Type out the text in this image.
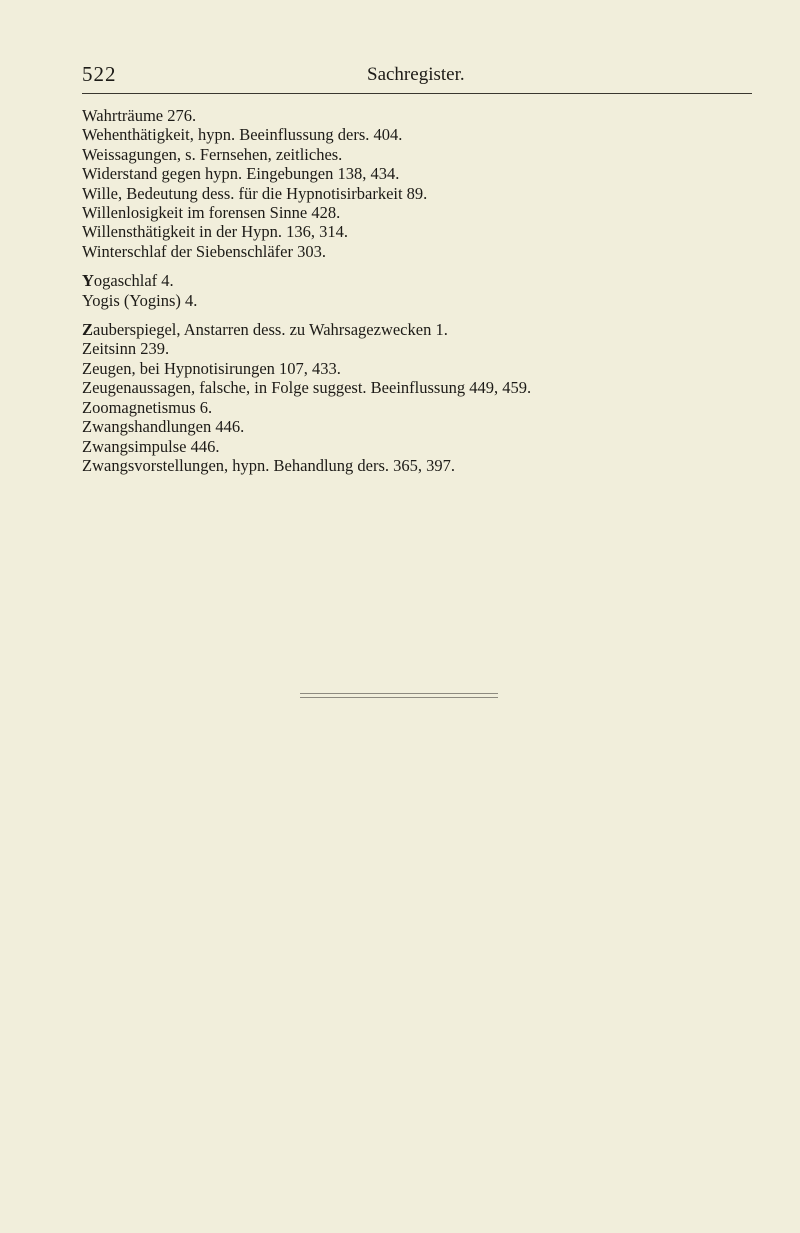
522	Sachregister.
Wahrträume 276.
Wehenthätigkeit, hypn. Beeinflussung ders. 404.
Weissagungen, s. Fernsehen, zeitliches.
Widerstand gegen hypn. Eingebungen 138, 434.
Wille, Bedeutung dess. für die Hypnotisirbarkeit 89.
Willenlosigkeit im forensen Sinne 428.
Willensthätigkeit in der Hypn. 136, 314.
Winterschlaf der Siebenschläfer 303.
Yogaschlaf 4.
Yogis (Yogins) 4.
Zauberspiegel, Anstarren dess. zu Wahrsagezwecken 1.
Zeitsinn 239.
Zeugen, bei Hypnotisirungen 107, 433.
Zeugenaussagen, falsche, in Folge suggest. Beeinflussung 449, 459.
Zoomagnetismus 6.
Zwangshandlungen 446.
Zwangsimpulse 446.
Zwangsvorstellungen, hypn. Behandlung ders. 365, 397.
